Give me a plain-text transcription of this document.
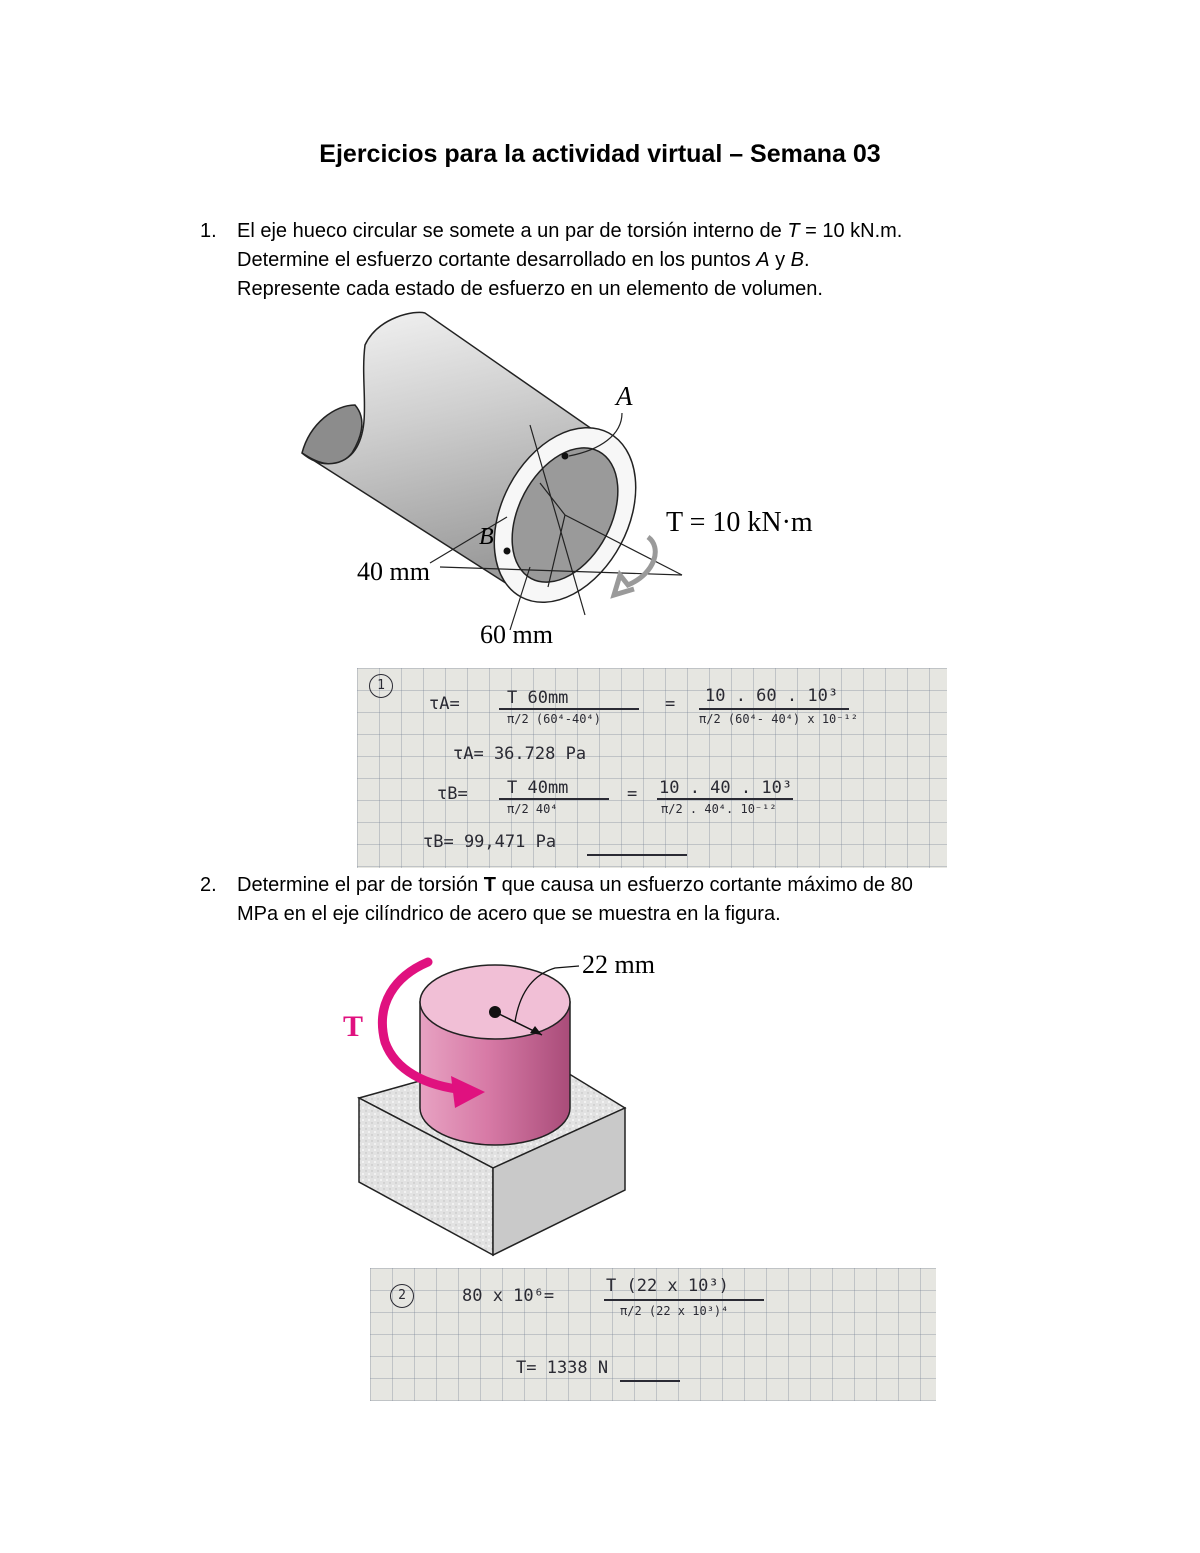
Ejercicios para la actividad virtual – Semana 03
1.	El eje hueco circular se somete a un par de torsión interno de T = 10 kN.m.
Determine el esfuerzo cortante desarrollado en los puntos A y B.
Represente cada estado de esfuerzo en un elemento de volumen.
A
B	T = 10 kN·m
40 mm
60 mm
1
τA=	T 60mm
π/2 (60⁴-40⁴)
= 10 . 60 . 10³
π/2 (60⁴- 40⁴) x 10⁻¹²
τA= 36.728 Pa
τB= T 40mm
π/2 40⁴
= 10 . 40 . 10³
π/2 . 40⁴. 10⁻¹²
τB= 99,471 Pa
2.	Determine el par de torsión T que causa un esfuerzo cortante máximo de 80
MPa en el eje cilíndrico de acero que se muestra en la figura.
T
22 mm
2	80 x 10⁶=	T (22 x 10³)
π/2 (22 x 10³)⁴
T= 1338 N
